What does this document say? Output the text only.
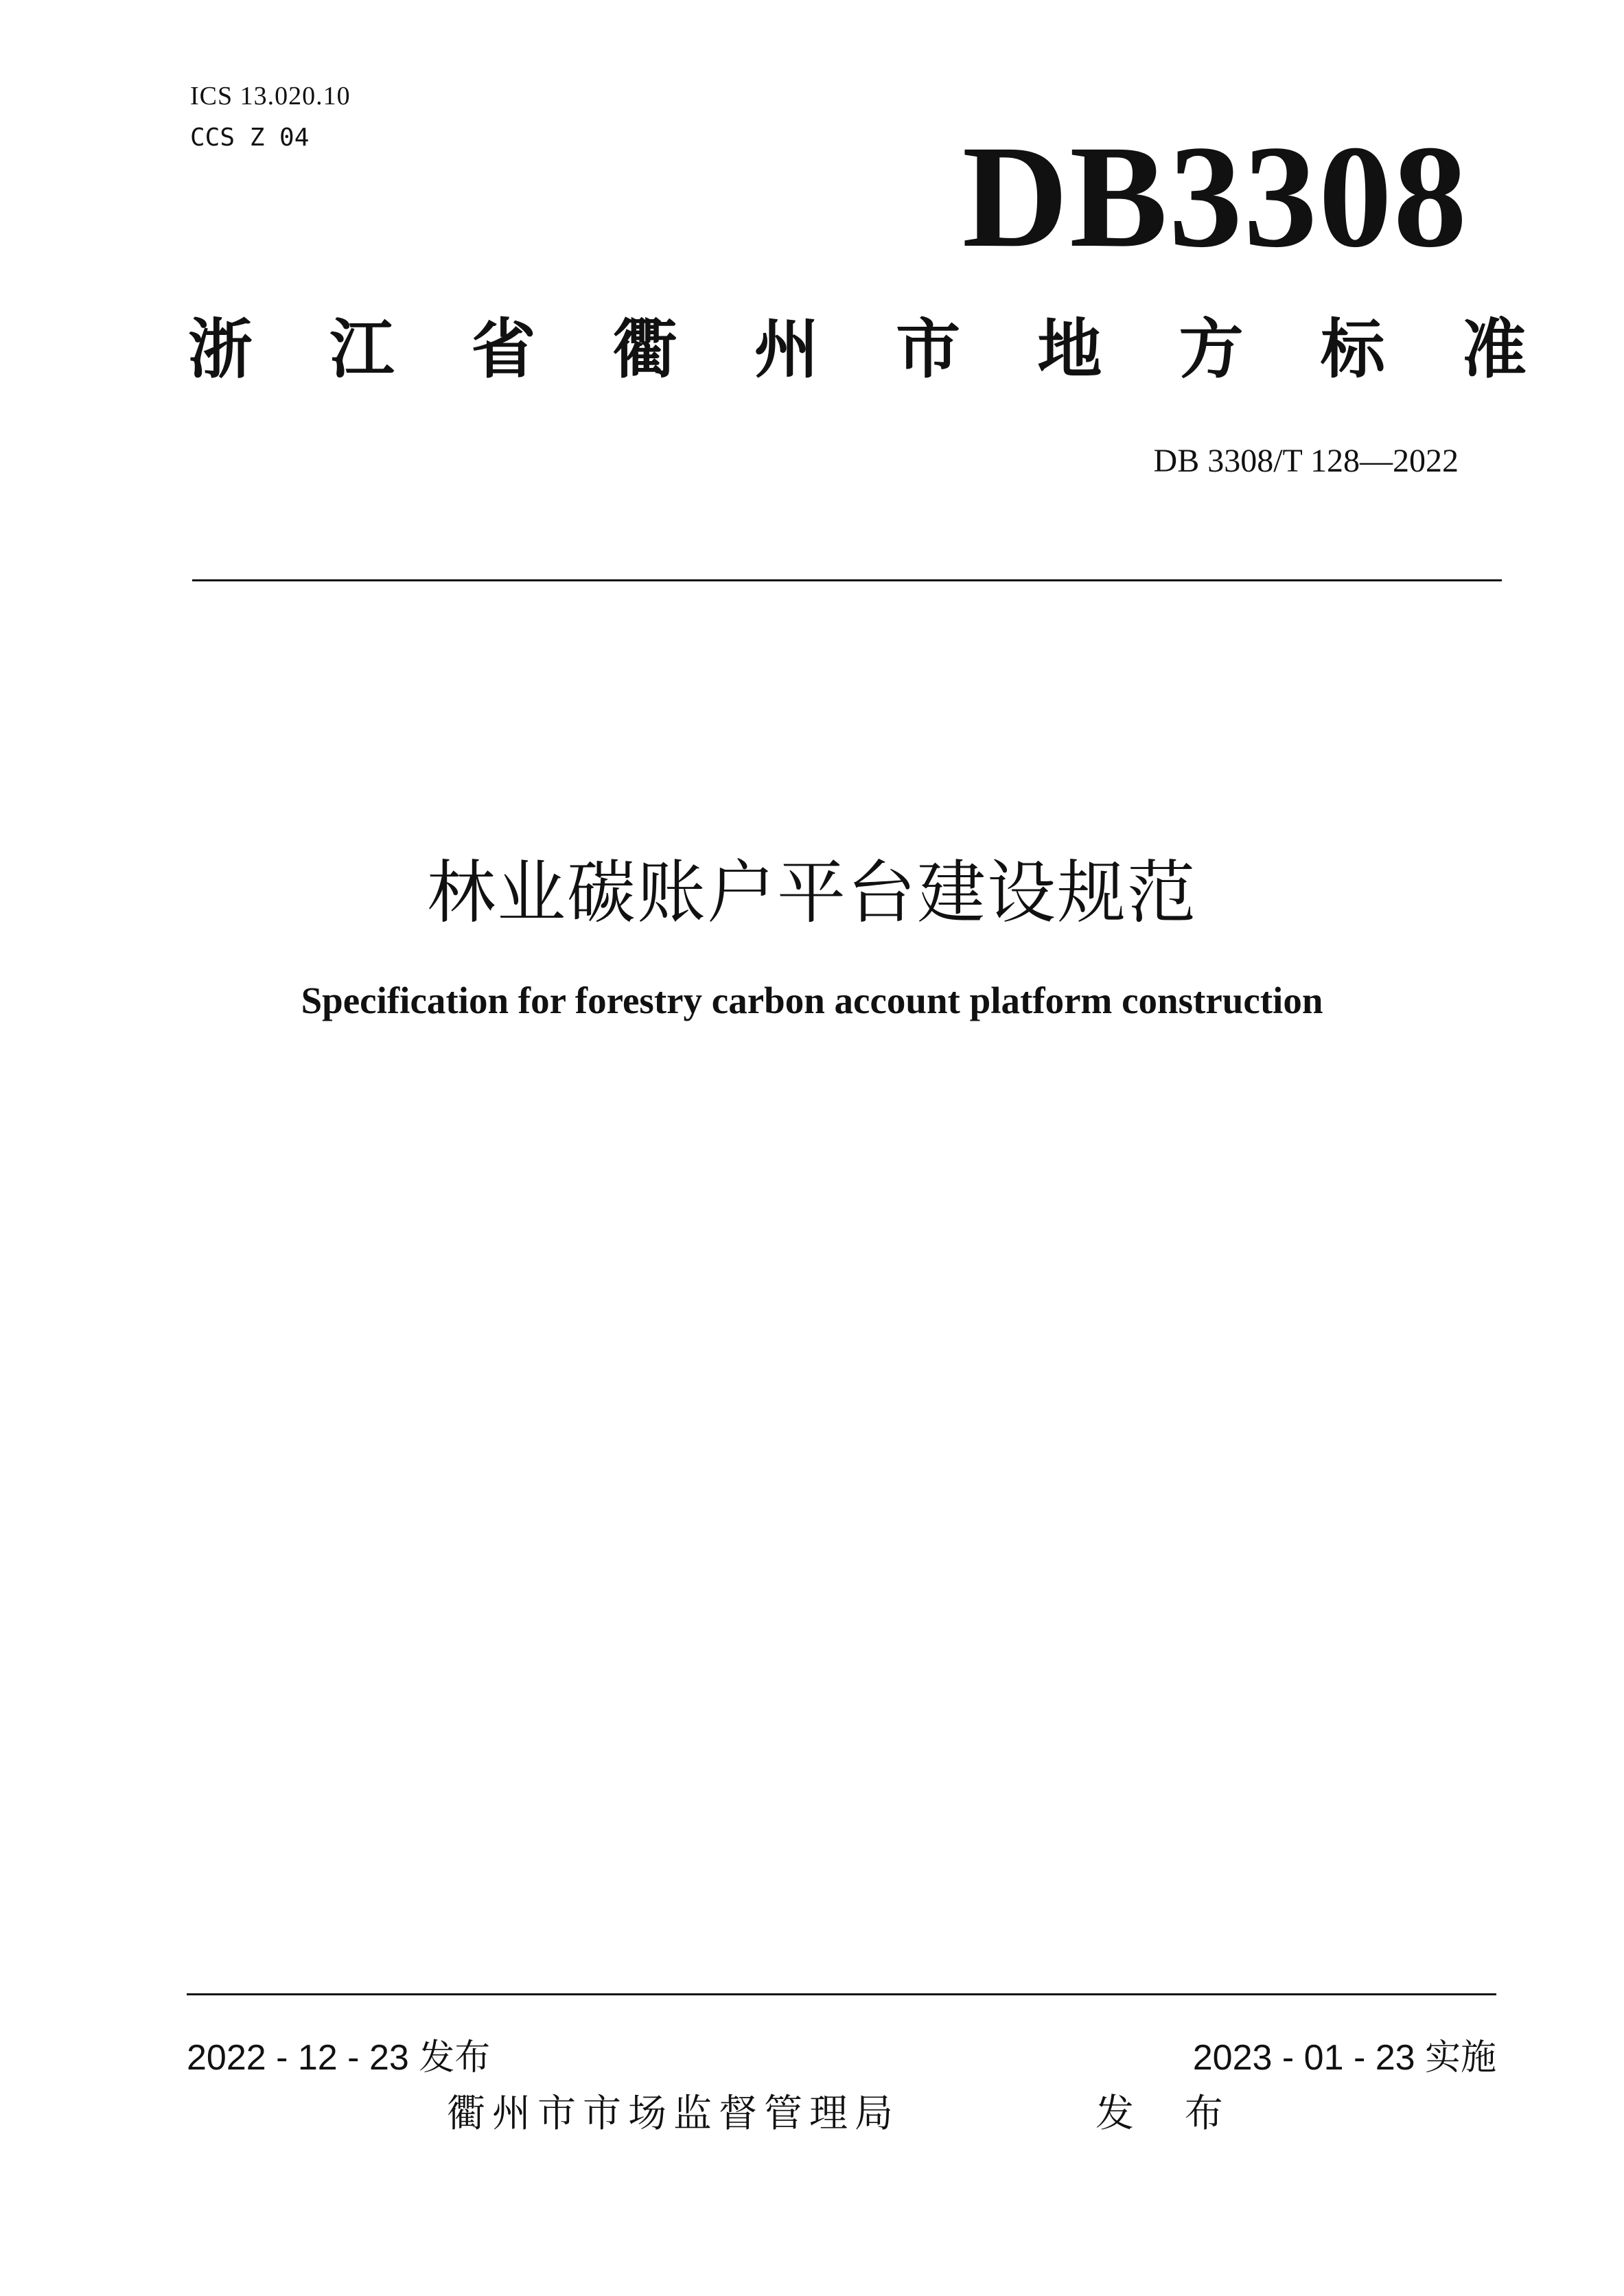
ICS 13.020.10
CCS Z 04	DB3308
浙 江 省 衢 州 市 地 方 标 准
DB 3308/T 128—2022
林业碳账户平台建设规范
Specification for forestry carbon account platform construction
2022 - 12 - 23 发布	2023 - 01 - 23 实施
衢州市市场监督管理局	发 布
